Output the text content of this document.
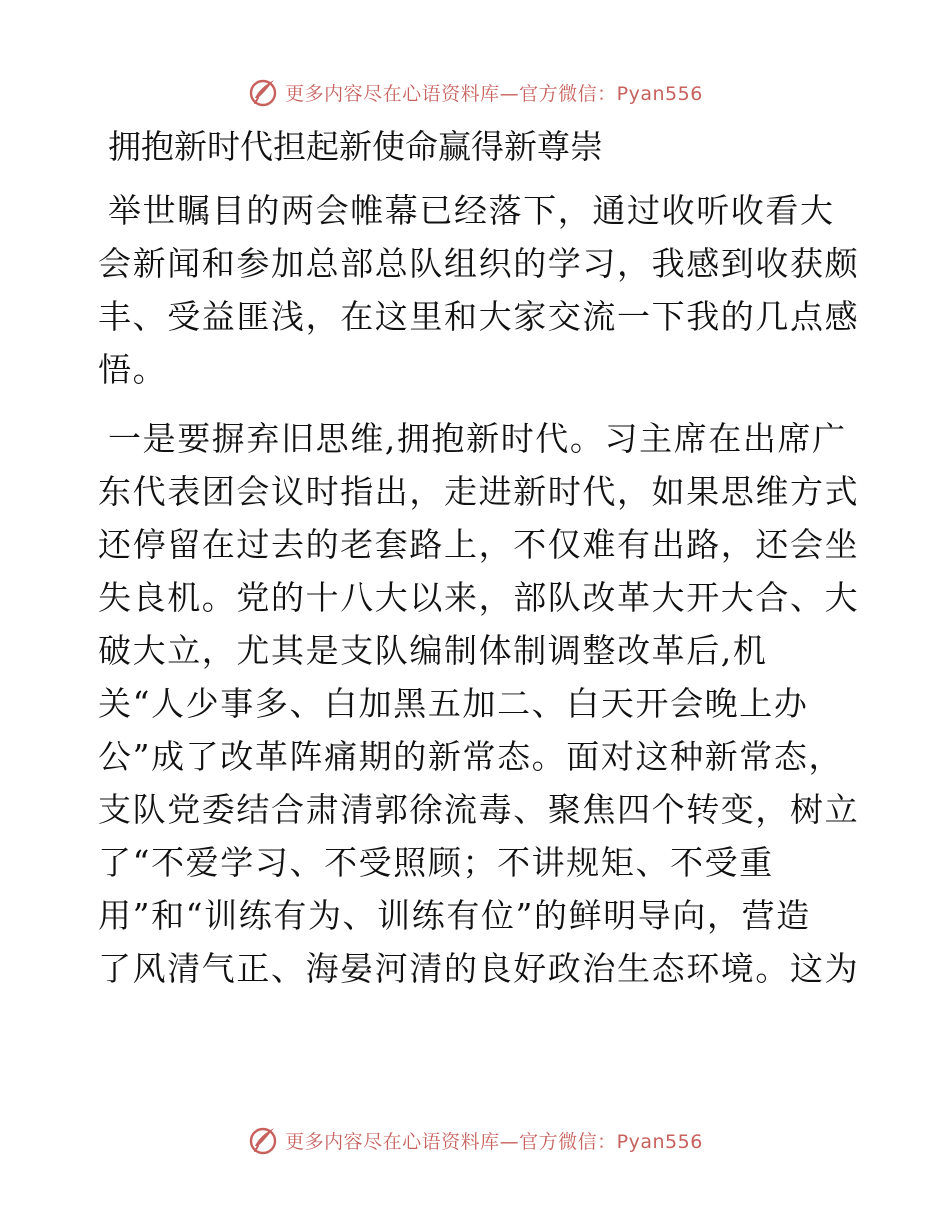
更多内容尽在心语资料库—官方微信：Pyan556
拥抱新时代担起新使命赢得新尊崇
举世瞩目的两会帷幕已经落下，通过收听收看大
会新闻和参加总部总队组织的学习，我感到收获颇
丰、受益匪浅，在这里和大家交流一下我的几点感
悟。
一是要摒弃旧思维,拥抱新时代。习主席在出席广
东代表团会议时指出，走进新时代，如果思维方式
还停留在过去的老套路上，不仅难有出路，还会坐
失良机。党的十八大以来，部队改革大开大合、大
破大立，尤其是支队编制体制调整改革后,机
关“人少事多、白加黑五加二、白天开会晚上办
公”成了改革阵痛期的新常态。面对这种新常态，
支队党委结合肃清郭徐流毒、聚焦四个转变，树立
了“不爱学习、不受照顾；不讲规矩、不受重
用”和“训练有为、训练有位”的鲜明导向，营造
了风清气正、海晏河清的良好政治生态环境。这为
更多内容尽在心语资料库—官方微信：Pyan556
